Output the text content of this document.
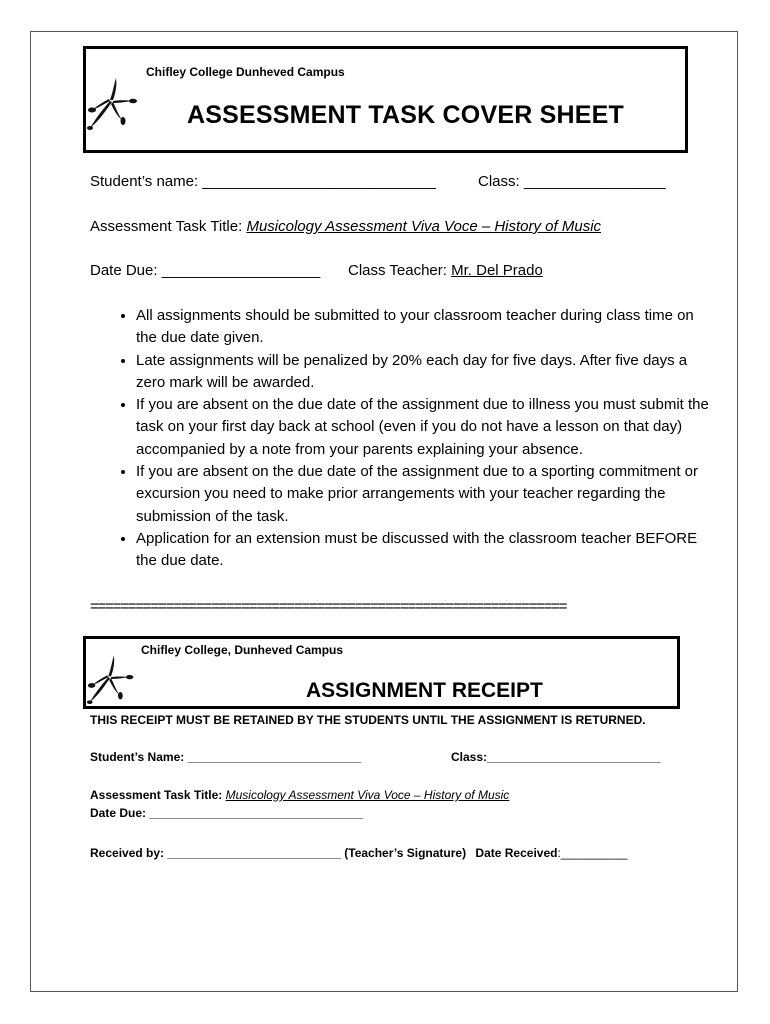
Chifley College Dunheved Campus
ASSESSMENT TASK COVER SHEET
Student’s name: ____________________________	Class: _________________
Assessment Task Title: Musicology Assessment Viva Voce – History of Music
Date Due: ___________________ Class Teacher: Mr. Del Prado
• All assignments should be submitted to your classroom teacher during class time on the due date given.
• Late assignments will be penalized by 20% each day for five days. After five days a zero mark will be awarded.
• If you are absent on the due date of the assignment due to illness you must submit the task on your first day back at school (even if you do not have a lesson on that day) accompanied by a note from your parents explaining your absence.
• If you are absent on the due date of the assignment due to a sporting commitment or excursion you need to make prior arrangements with your teacher regarding the submission of the task.
• Application for an extension must be discussed with the classroom teacher BEFORE the due date.
===============================================================
Chifley College, Dunheved Campus
ASSIGNMENT RECEIPT
THIS RECEIPT MUST BE RETAINED BY THE STUDENTS UNTIL THE ASSIGNMENT IS RETURNED.
Student’s Name: __________________________	Class:__________________________
Assessment Task Title: Musicology Assessment Viva Voce – History of Music
Date Due: ________________________________
Received by: __________________________ (Teacher’s Signature) Date Received:__________
